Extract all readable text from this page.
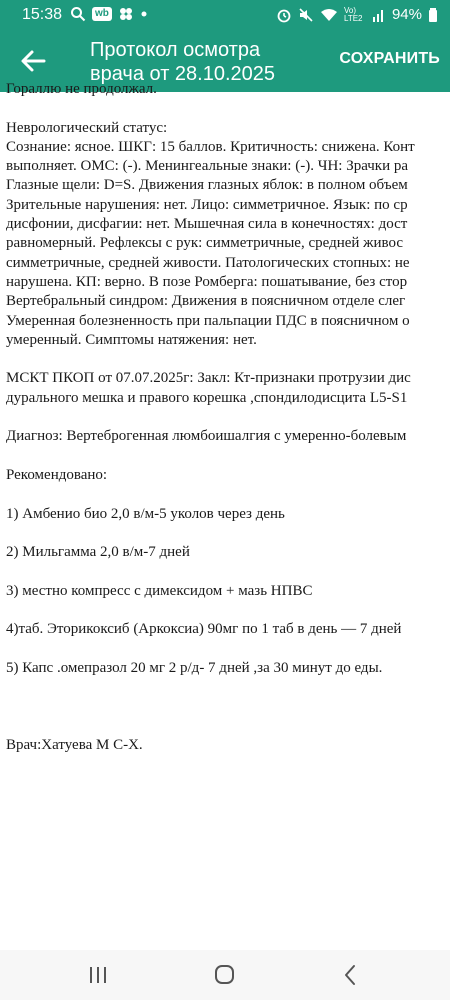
15:38	wb	Vo) LTE2 94%
Протокол осмотра
врача от 28.10.2025
СОХРАНИТЬ
Гораллю не продолжал.
Неврологический статус:
Сознание: ясное. ШКГ: 15 баллов. Критичность: снижена. Конт
выполняет. ОМС: (-). Менингеальные знаки: (-). ЧН: Зрачки ра
Глазные щели: D=S. Движения глазных яблок: в полном объем
Зрительные нарушения: нет. Лицо: симметричное. Язык: по ср
дисфонии, дисфагии: нет. Мышечная сила в конечностях: дост
равномерный. Рефлексы с рук: симметричные, средней живос
симметричные, средней живости. Патологических стопных: не
нарушена. КП: верно. В позе Ромберга: пошатывание, без стор
Вертебральный синдром: Движения в поясничном отделе слег
Умеренная болезненность при пальпации ПДС в поясничном о
умеренный. Симптомы натяжения: нет.
МСКТ ПКОП от 07.07.2025г: Закл: Кт-признаки протрузии дис
дурального мешка и правого корешка ,спондилодисцита L5-S1
Диагноз: Вертеброгенная люмбоишалгия с умеренно-болевым
Рекомендовано:
1) Амбенио био 2,0 в/м-5 уколов через день
2) Мильгамма 2,0 в/м-7 дней
3) местно компресс с димексидом + мазь НПВС
4)таб. Эторикоксиб (Аркоксиа) 90мг по 1 таб в день — 7 дней
5) Капс .омепразол 20 мг 2 р/д- 7 дней ,за 30 минут до еды.
Врач:Хатуева М С-Х.
